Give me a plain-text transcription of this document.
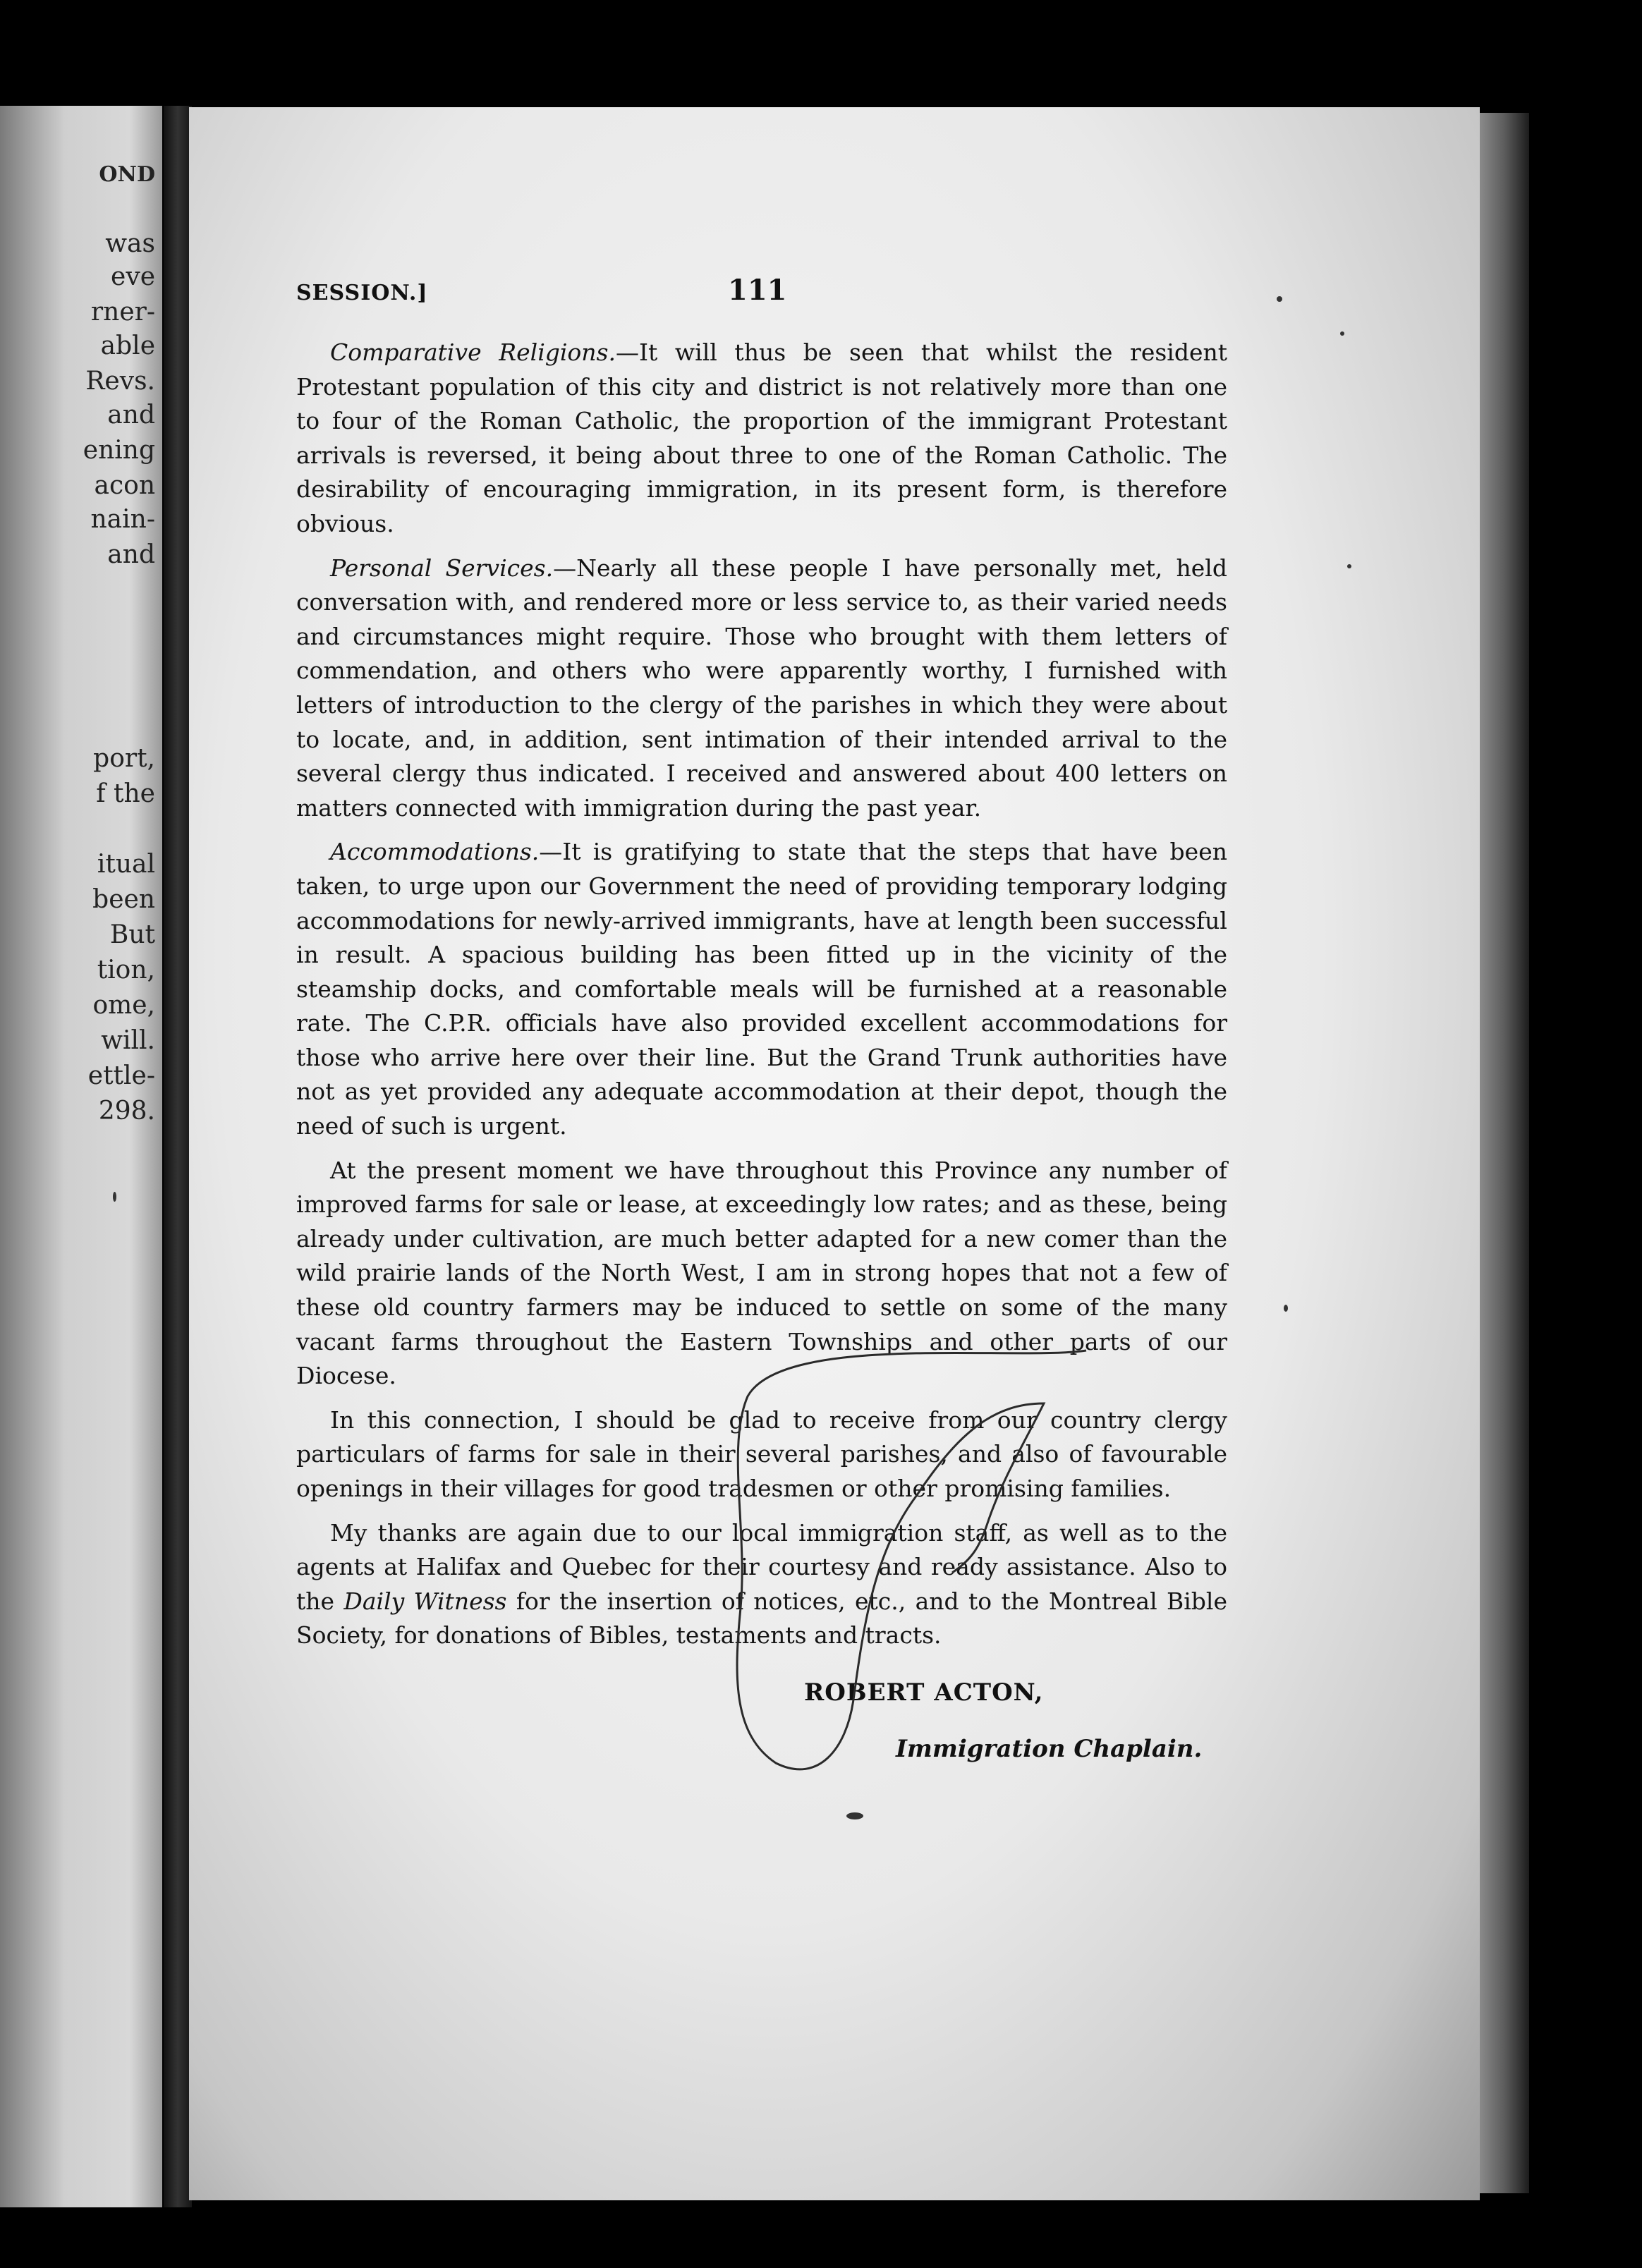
OND
was
eve
rner-
able
Revs.
and
ening
acon
nain-
and
port,
f the
itual
been
But
tion,
ome,
will.
ettle-
298.
SESSION.]	111

Comparative Religions.—It will thus be seen that whilst the resident Protestant population of this city and district is not relatively more than one to four of the Roman Catholic, the proportion of the immigrant Protestant arrivals is reversed, it being about three to one of the Roman Catholic. The desirability of encouraging immigration, in its present form, is therefore obvious.

Personal Services.—Nearly all these people I have personally met, held conversation with, and rendered more or less service to, as their varied needs and circumstances might require. Those who brought with them letters of commendation, and others who were apparently worthy, I furnished with letters of introduction to the clergy of the parishes in which they were about to locate, and, in addition, sent intimation of their intended arrival to the several clergy thus indicated. I received and answered about 400 letters on matters connected with immigration during the past year.

Accommodations.—It is gratifying to state that the steps that have been taken, to urge upon our Government the need of providing temporary lodging accommodations for newly-arrived immigrants, have at length been successful in result. A spacious building has been fitted up in the vicinity of the steamship docks, and comfortable meals will be furnished at a reasonable rate. The C.P.R. officials have also provided excellent accommodations for those who arrive here over their line. But the Grand Trunk authorities have not as yet provided any adequate accommodation at their depot, though the need of such is urgent.

At the present moment we have throughout this Province any number of improved farms for sale or lease, at exceedingly low rates; and as these, being already under cultivation, are much better adapted for a new comer than the wild prairie lands of the North West, I am in strong hopes that not a few of these old country farmers may be induced to settle on some of the many vacant farms throughout the Eastern Townships and other parts of our Diocese.

In this connection, I should be glad to receive from our country clergy particulars of farms for sale in their several parishes, and also of favourable openings in their villages for good tradesmen or other promising families.

My thanks are again due to our local immigration staff, as well as to the agents at Halifax and Quebec for their courtesy and ready assistance. Also to the Daily Witness for the insertion of notices, etc., and to the Montreal Bible Society, for donations of Bibles, testaments and tracts.

ROBERT ACTON,
Immigration Chaplain.
